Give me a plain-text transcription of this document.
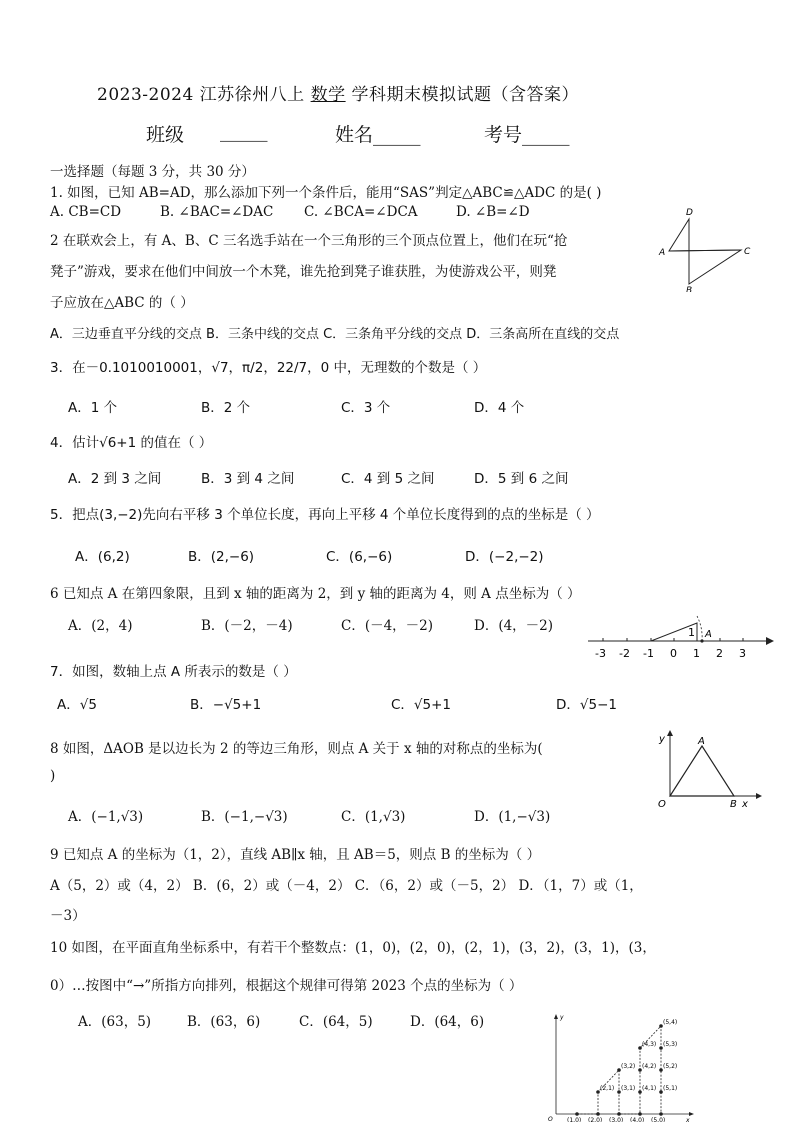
2023-2024 江苏徐州八上 数学 学科期末模拟试题（含答案）
班级 _____	姓名_____	考号_____
一选择题（每题 3 分，共 30 分）
1. 如图，已知 AB=AD，那么添加下列一个条件后，能用“SAS”判定△ABC≌△ADC 的是( )
A. CB=CD	B. ∠BAC=∠DAC C. ∠BCA=∠DCA	D. ∠B=∠D	D
A	C
B
2 在联欢会上，有 A、B、C 三名选手站在一个三角形的三个顶点位置上，他们在玩“抢
凳子”游戏，要求在他们中间放一个木凳，谁先抢到凳子谁获胜，为使游戏公平，则凳
子应放在△ABC 的（ ）
A．三边垂直平分线的交点 B．三条中线的交点 C．三条角平分线的交点 D．三条高所在直线的交点
3．在－0.1010010001，√7，π/2，22/7，0 中，无理数的个数是（ ）
A．1 个	B．2 个	C．3 个	D．4 个
4．估计√6+1 的值在（ ）
A．2 到 3 之间	B．3 到 4 之间	C．4 到 5 之间	D．5 到 6 之间
5．把点(3,−2)先向右平移 3 个单位长度，再向上平移 4 个单位长度得到的点的坐标是（ ）
A．(6,2)	B．(2,−6)	C．(6,−6)	D．(−2,−2)
6 已知点 A 在第四象限，且到 x 轴的距离为 2，到 y 轴的距离为 4，则 A 点坐标为（ ）
A．(2，4)	B．(－2，－4)	C．(－4，－2)	D．(4，－2)	1 A
-3 -2 -1 0 1 2 3
7．如图，数轴上点 A 所表示的数是（ ）
A．√5	B．−√5+1	C．√5+1	D．√5−1
8 如图，ΔAOB 是以边长为 2 的等边三角形，则点 A 关于 x 轴的对称点的坐标为(
)
A．(−1,√3)	B．(−1,−√3)	C．(1,√3)	D．(1,−√3)
y	A
O	B x
9 已知点 A 的坐标为（1，2），直线 AB∥x 轴，且 AB＝5，则点 B 的坐标为（ ）
A（5，2）或（4，2） B．(6，2）或（－4，2） C．（6，2）或（－5，2） D．（1，7）或（1，
－3）
10 如图，在平面直角坐标系中，有若干个整数点：(1，0)，(2，0)，(2，1)，(3，2)，(3，1)，(3，
0）…按图中“→”所指方向排列，根据这个规律可得第 2023 个点的坐标为（ ）
A．(63，5)	B．(63，6)	C．(64，5)	D．(64，6)	y
O	x
(1,0) (2,0) (3,0) (4,0) (5,0)
(2,1) (3,1)
(3,2)
(4,1)
(4,2)
(4,3)
(5,1)
(5,2)
(5,3)
(5,4)
